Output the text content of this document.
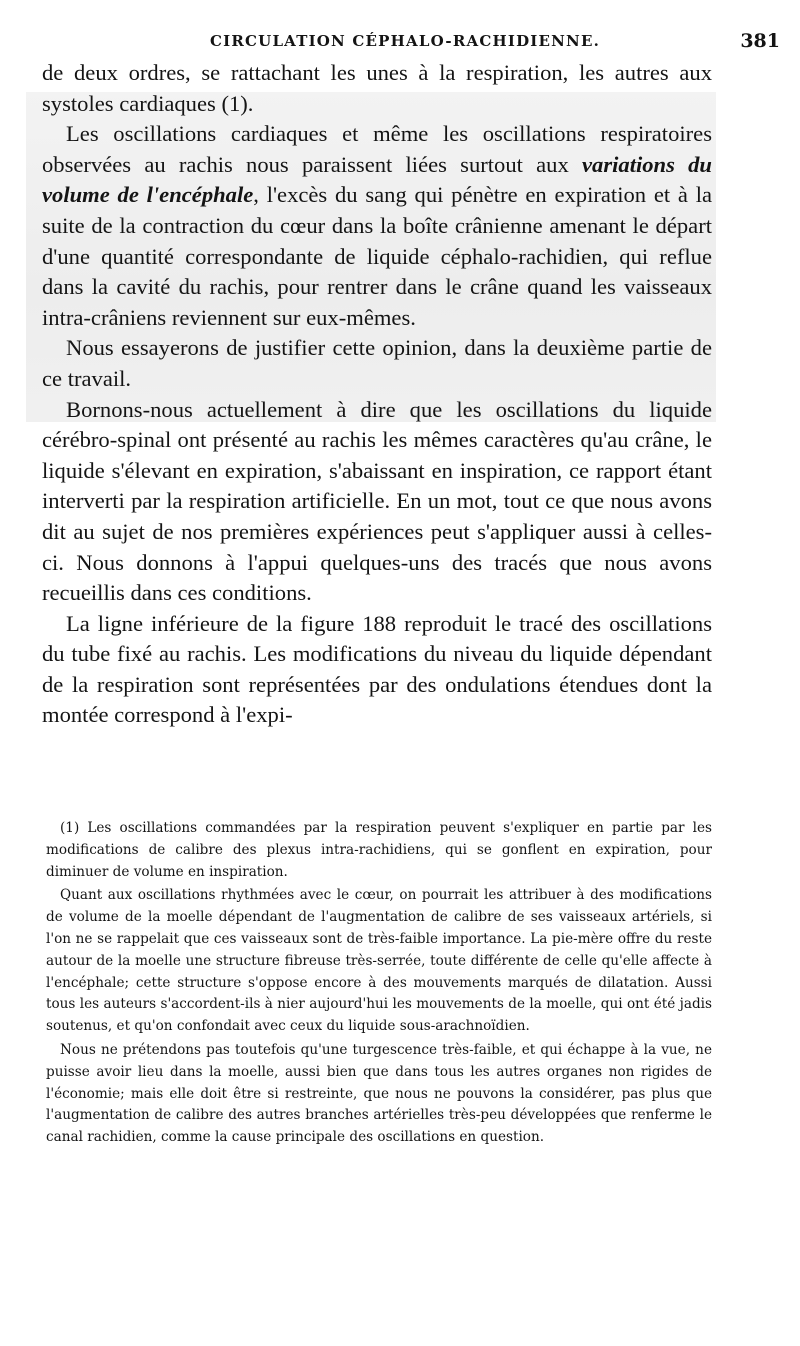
CIRCULATION CÉPHALO-RACHIDIENNE.	381

de deux ordres, se rattachant les unes à la respiration, les autres aux systoles cardiaques (1).

Les oscillations cardiaques et même les oscillations respiratoires observées au rachis nous paraissent liées surtout aux variations du volume de l'encéphale, l'excès du sang qui pénètre en expiration et à la suite de la contraction du cœur dans la boîte crânienne amenant le départ d'une quantité correspondante de liquide céphalo-rachidien, qui reflue dans la cavité du rachis, pour rentrer dans le crâne quand les vaisseaux intra-crâniens reviennent sur eux-mêmes.

Nous essayerons de justifier cette opinion, dans la deuxième partie de ce travail.

Bornons-nous actuellement à dire que les oscillations du liquide cérébro-spinal ont présenté au rachis les mêmes caractères qu'au crâne, le liquide s'élevant en expiration, s'abaissant en inspiration, ce rapport étant interverti par la respiration artificielle. En un mot, tout ce que nous avons dit au sujet de nos premières expériences peut s'appliquer aussi à celles-ci. Nous donnons à l'appui quelques-uns des tracés que nous avons recueillis dans ces conditions.

La ligne inférieure de la figure 188 reproduit le tracé des oscillations du tube fixé au rachis. Les modifications du niveau du liquide dépendant de la respiration sont représentées par des ondulations étendues dont la montée correspond à l'expi-

(1) Les oscillations commandées par la respiration peuvent s'expliquer en partie par les modifications de calibre des plexus intra-rachidiens, qui se gonflent en expiration, pour diminuer de volume en inspiration.

Quant aux oscillations rhythmées avec le cœur, on pourrait les attribuer à des modifications de volume de la moelle dépendant de l'augmentation de calibre de ses vaisseaux artériels, si l'on ne se rappelait que ces vaisseaux sont de très-faible importance. La pie-mère offre du reste autour de la moelle une structure fibreuse très-serrée, toute différente de celle qu'elle affecte à l'encéphale; cette structure s'oppose encore à des mouvements marqués de dilatation. Aussi tous les auteurs s'accordent-ils à nier aujourd'hui les mouvements de la moelle, qui ont été jadis soutenus, et qu'on confondait avec ceux du liquide sous-arachnoïdien.

Nous ne prétendons pas toutefois qu'une turgescence très-faible, et qui échappe à la vue, ne puisse avoir lieu dans la moelle, aussi bien que dans tous les autres organes non rigides de l'économie; mais elle doit être si restreinte, que nous ne pouvons la considérer, pas plus que l'augmentation de calibre des autres branches artérielles très-peu développées que renferme le canal rachidien, comme la cause principale des oscillations en question.
